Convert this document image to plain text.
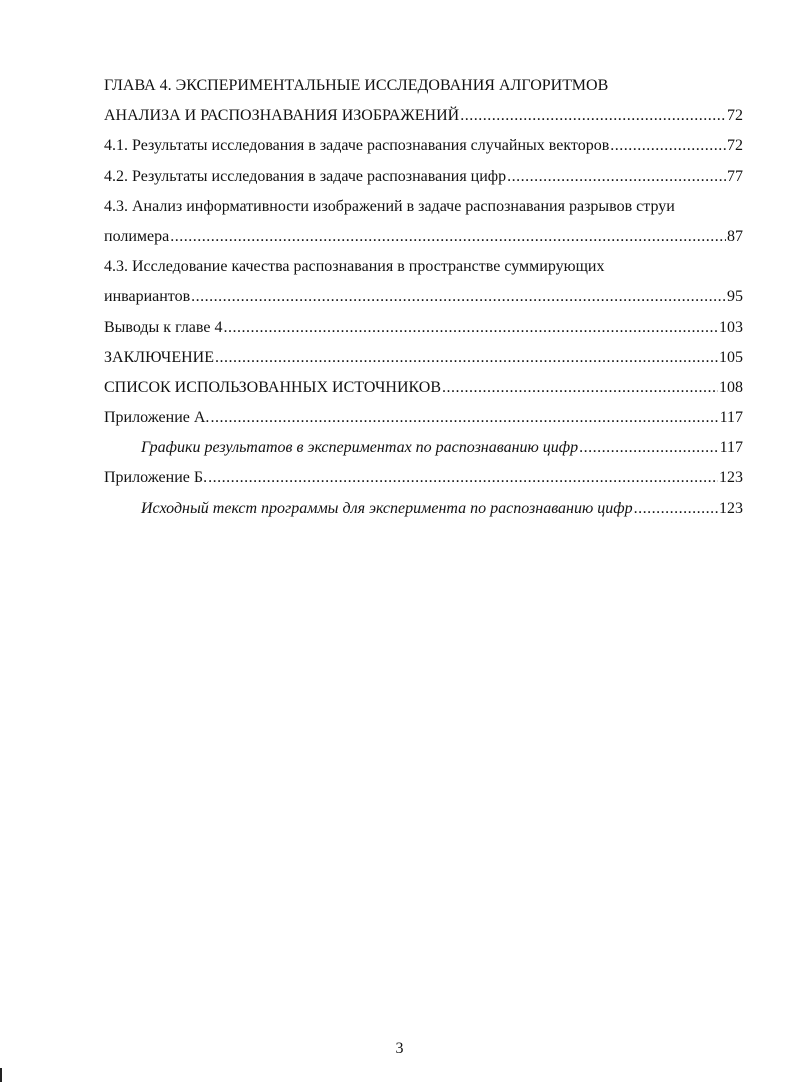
ГЛАВА 4. ЭКСПЕРИМЕНТАЛЬНЫЕ ИССЛЕДОВАНИЯ АЛГОРИТМОВ
АНАЛИЗА И РАСПОЗНАВАНИЯ ИЗОБРАЖЕНИЙ .....	72
4.1. Результаты исследования в задаче распознавания случайных векторов .....	72
4.2. Результаты исследования в задаче распознавания цифр .....	77
4.3. Анализ информативности изображений в задаче распознавания разрывов струи
полимера .....	87
4.3. Исследование качества распознавания в пространстве суммирующих
инвариантов .....	95
Выводы к главе 4 .....	103
ЗАКЛЮЧЕНИЕ .....	105
СПИСОК ИСПОЛЬЗОВАННЫХ ИСТОЧНИКОВ .....	108
Приложение А. .....	117
Графики результатов в экспериментах по распознаванию цифр .....	117
Приложение Б. .....	123
Исходный текст программы для эксперимента по распознаванию цифр .....	123
3
